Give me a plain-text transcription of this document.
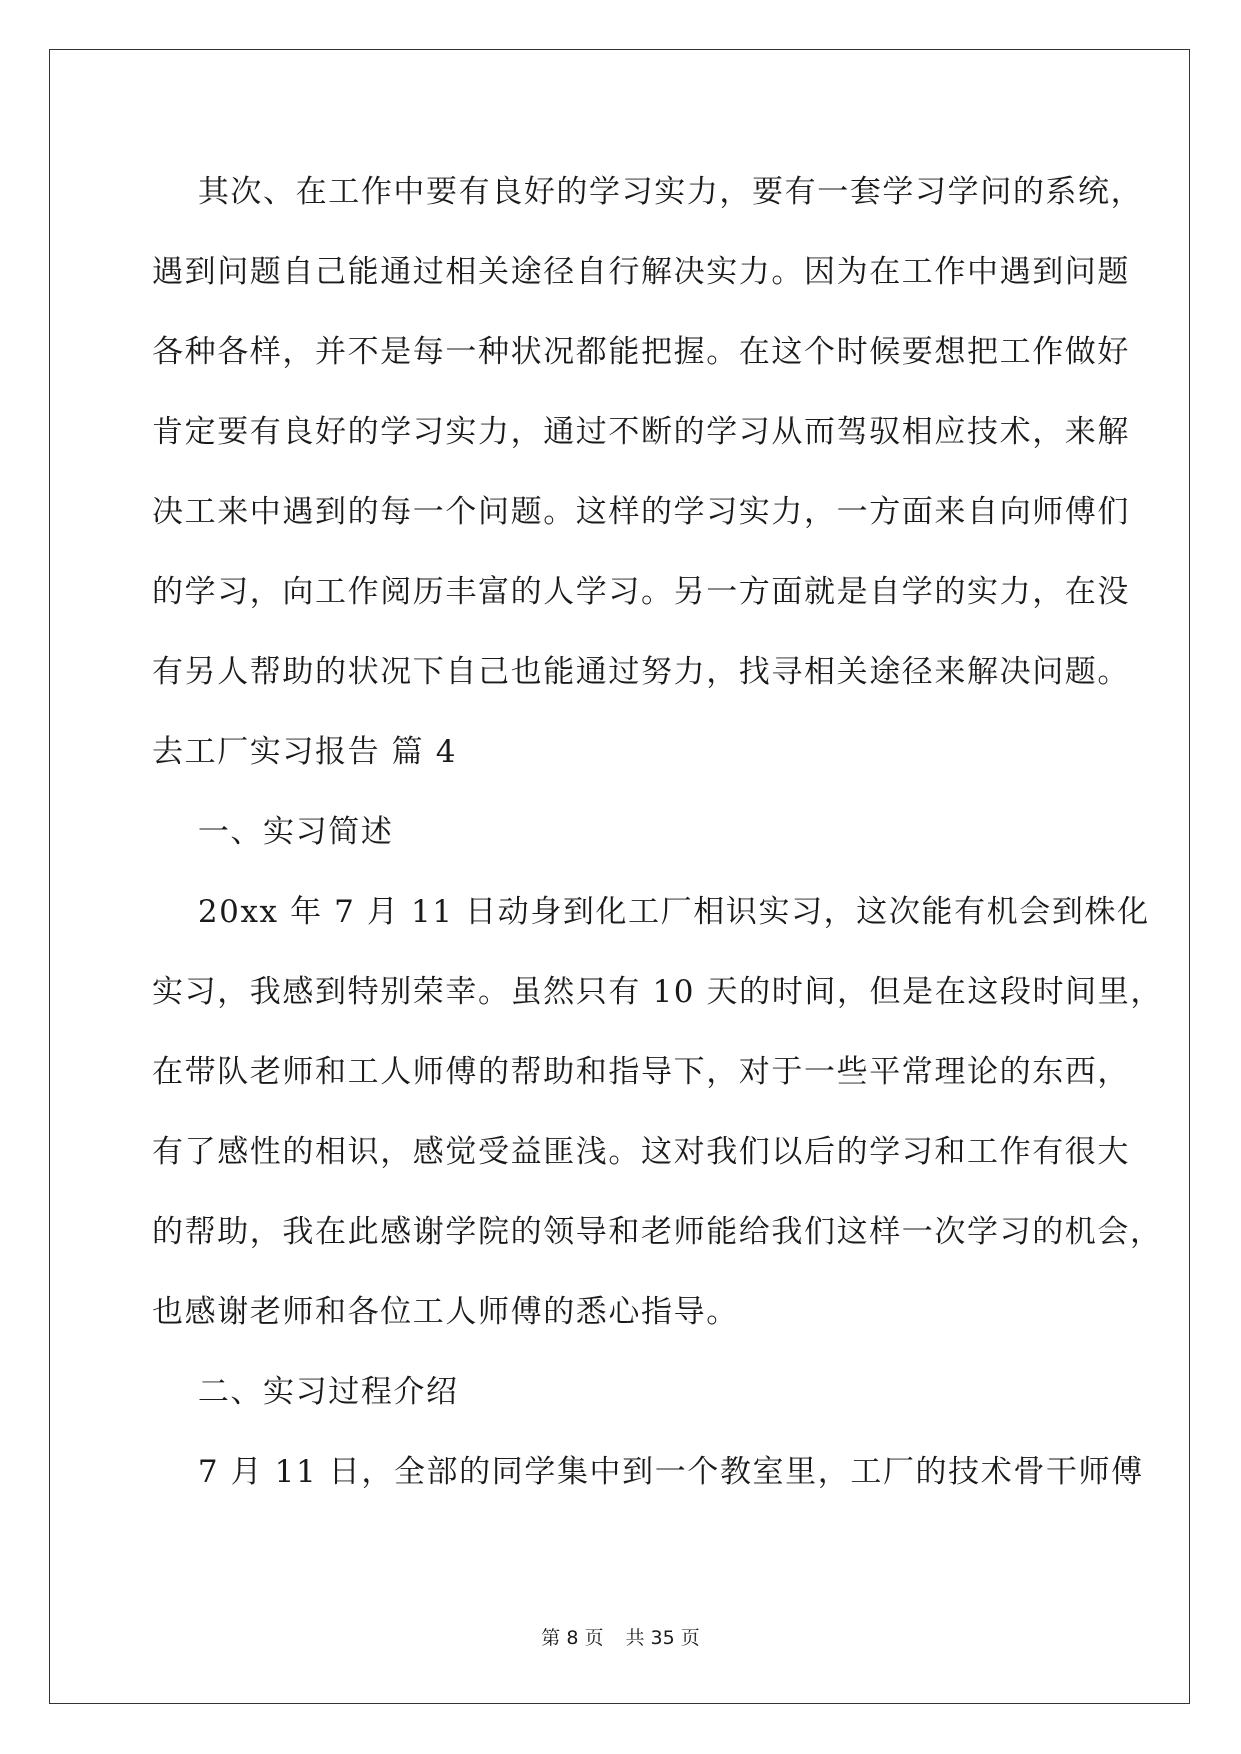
其次、在工作中要有良好的学习实力，要有一套学习学问的系统，
遇到问题自己能通过相关途径自行解决实力。因为在工作中遇到问题
各种各样，并不是每一种状况都能把握。在这个时候要想把工作做好
肯定要有良好的学习实力，通过不断的学习从而驾驭相应技术，来解
决工来中遇到的每一个问题。这样的学习实力，一方面来自向师傅们
的学习，向工作阅历丰富的人学习。另一方面就是自学的实力，在没
有另人帮助的状况下自己也能通过努力，找寻相关途径来解决问题。
去工厂实习报告 篇 4
一、实习简述
20xx 年 7 月 11 日动身到化工厂相识实习，这次能有机会到株化
实习，我感到特别荣幸。虽然只有 10 天的时间，但是在这段时间里，
在带队老师和工人师傅的帮助和指导下，对于一些平常理论的东西，
有了感性的相识，感觉受益匪浅。这对我们以后的学习和工作有很大
的帮助，我在此感谢学院的领导和老师能给我们这样一次学习的机会，
也感谢老师和各位工人师傅的悉心指导。
二、实习过程介绍
7 月 11 日，全部的同学集中到一个教室里，工厂的技术骨干师傅
第 8 页 共 35 页
